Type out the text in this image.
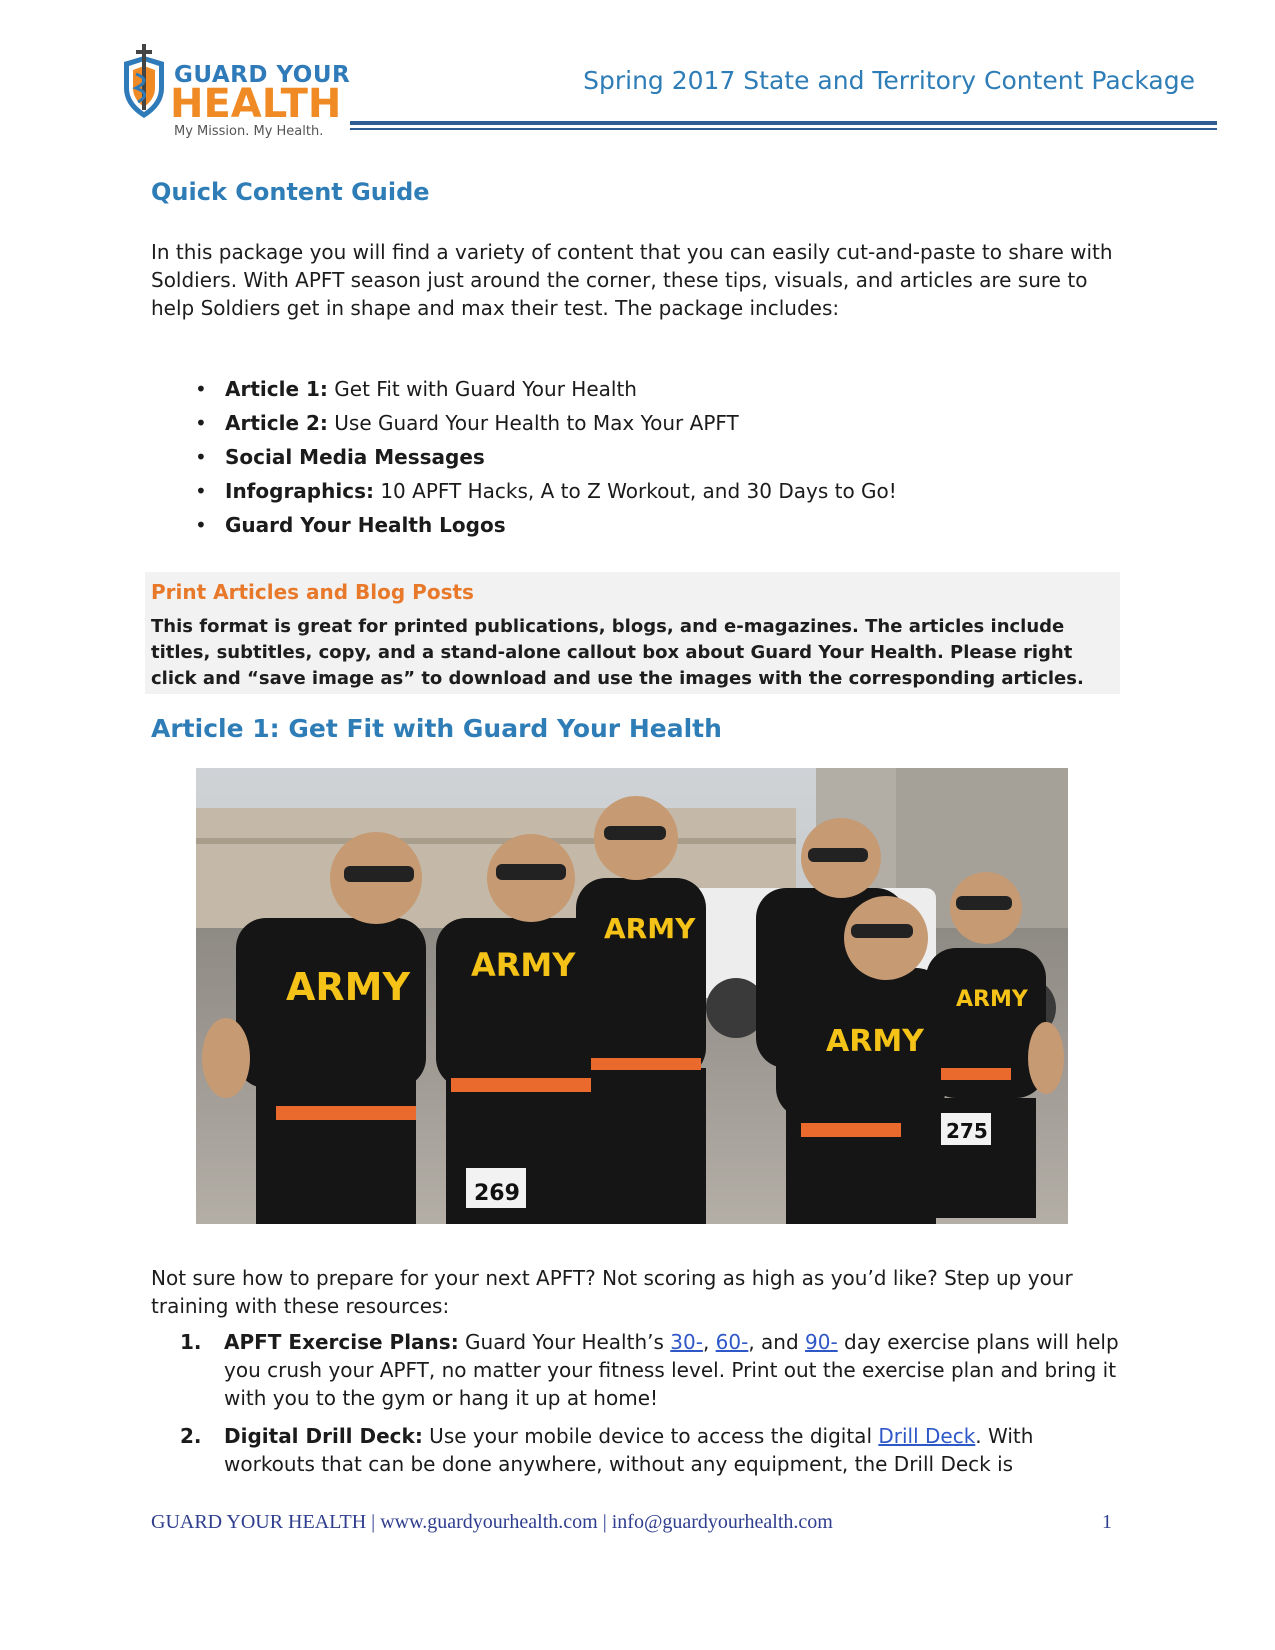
GUARD YOUR
HEALTH
My Mission. My Health.
Spring 2017 State and Territory Content Package
Quick Content Guide

In this package you will find a variety of content that you can easily cut-and-paste to share with Soldiers. With APFT season just around the corner, these tips, visuals, and articles are sure to help Soldiers get in shape and max their test. The package includes:

• Article 1: Get Fit with Guard Your Health
• Article 2: Use Guard Your Health to Max Your APFT
• Social Media Messages
• Infographics: 10 APFT Hacks, A to Z Workout, and 30 Days to Go!
• Guard Your Health Logos
Print Articles and Blog Posts

This format is great for printed publications, blogs, and e-magazines. The articles include titles, subtitles, copy, and a stand-alone callout box about Guard Your Health. Please right click and “save image as” to download and use the images with the corresponding articles.

Article 1: Get Fit with Guard Your Health
ARMY ARMY
ARMY
ARMY
ARMY
269
275

Not sure how to prepare for your next APFT? Not scoring as high as you’d like? Step up your training with these resources:

1. APFT Exercise Plans: Guard Your Health’s 30-, 60-, and 90- day exercise plans will help you crush your APFT, no matter your fitness level. Print out the exercise plan and bring it with you to the gym or hang it up at home!
2. Digital Drill Deck: Use your mobile device to access the digital Drill Deck. With workouts that can be done anywhere, without any equipment, the Drill Deck is
GUARD YOUR HEALTH | www.guardyourhealth.com | info@guardyourhealth.com	1
